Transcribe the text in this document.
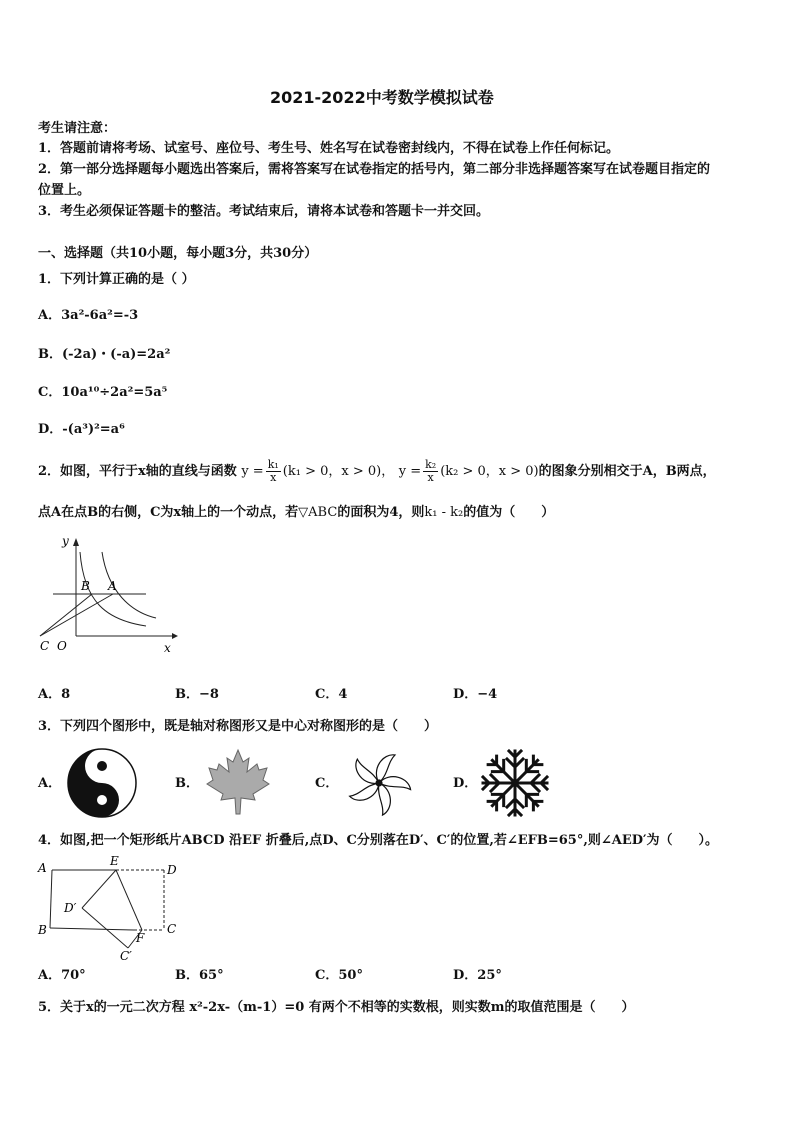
2021-2022中考数学模拟试卷
考生请注意：
1．答题前请将考场、试室号、座位号、考生号、姓名写在试卷密封线内，不得在试卷上作任何标记。
2．第一部分选择题每小题选出答案后，需将答案写在试卷指定的括号内，第二部分非选择题答案写在试卷题目指定的
位置上。
3．考生必须保证答题卡的整洁。考试结束后，请将本试卷和答题卡一并交回。
一、选择题（共10小题，每小题3分，共30分）
1．下列计算正确的是（ ）
A．3a²-6a²=-3
B．(-2a)・(-a)=2a²
C．10a¹⁰÷2a²=5a⁵
D．-(a³)²=a⁶
2．如图，平行于x轴的直线与函数 $y = \frac{\text{k₁}}{x} (k_1 > 0$，x > 0)， $y = \frac{\text{k₂}}{x} (k_2 > 0$，x > 0)的图象分别相交于A，B两点，
点A在点B的右侧，C为x轴上的一个动点，若▽ABC的面积为4，则k₁ - k₂的值为（　　）
y
x
B A
C O
A．8	B．−8	C．4	D．−4
3．下列四个图形中，既是轴对称图形又是中心对称图形的是（　　）
A．	B．	C．	D．
4．如图,把一个矩形纸片ABCD 沿EF 折叠后,点D、C分别落在D′、C′的位置,若∠EFB=65°,则∠AED′为（　　）。
A	E
D
D′
B
F
C
C′
A．70°	B．65°	C．50°	D．25°
5．关于x的一元二次方程 x²-2x-（m-1）=0 有两个不相等的实数根，则实数m的取值范围是（　　）
